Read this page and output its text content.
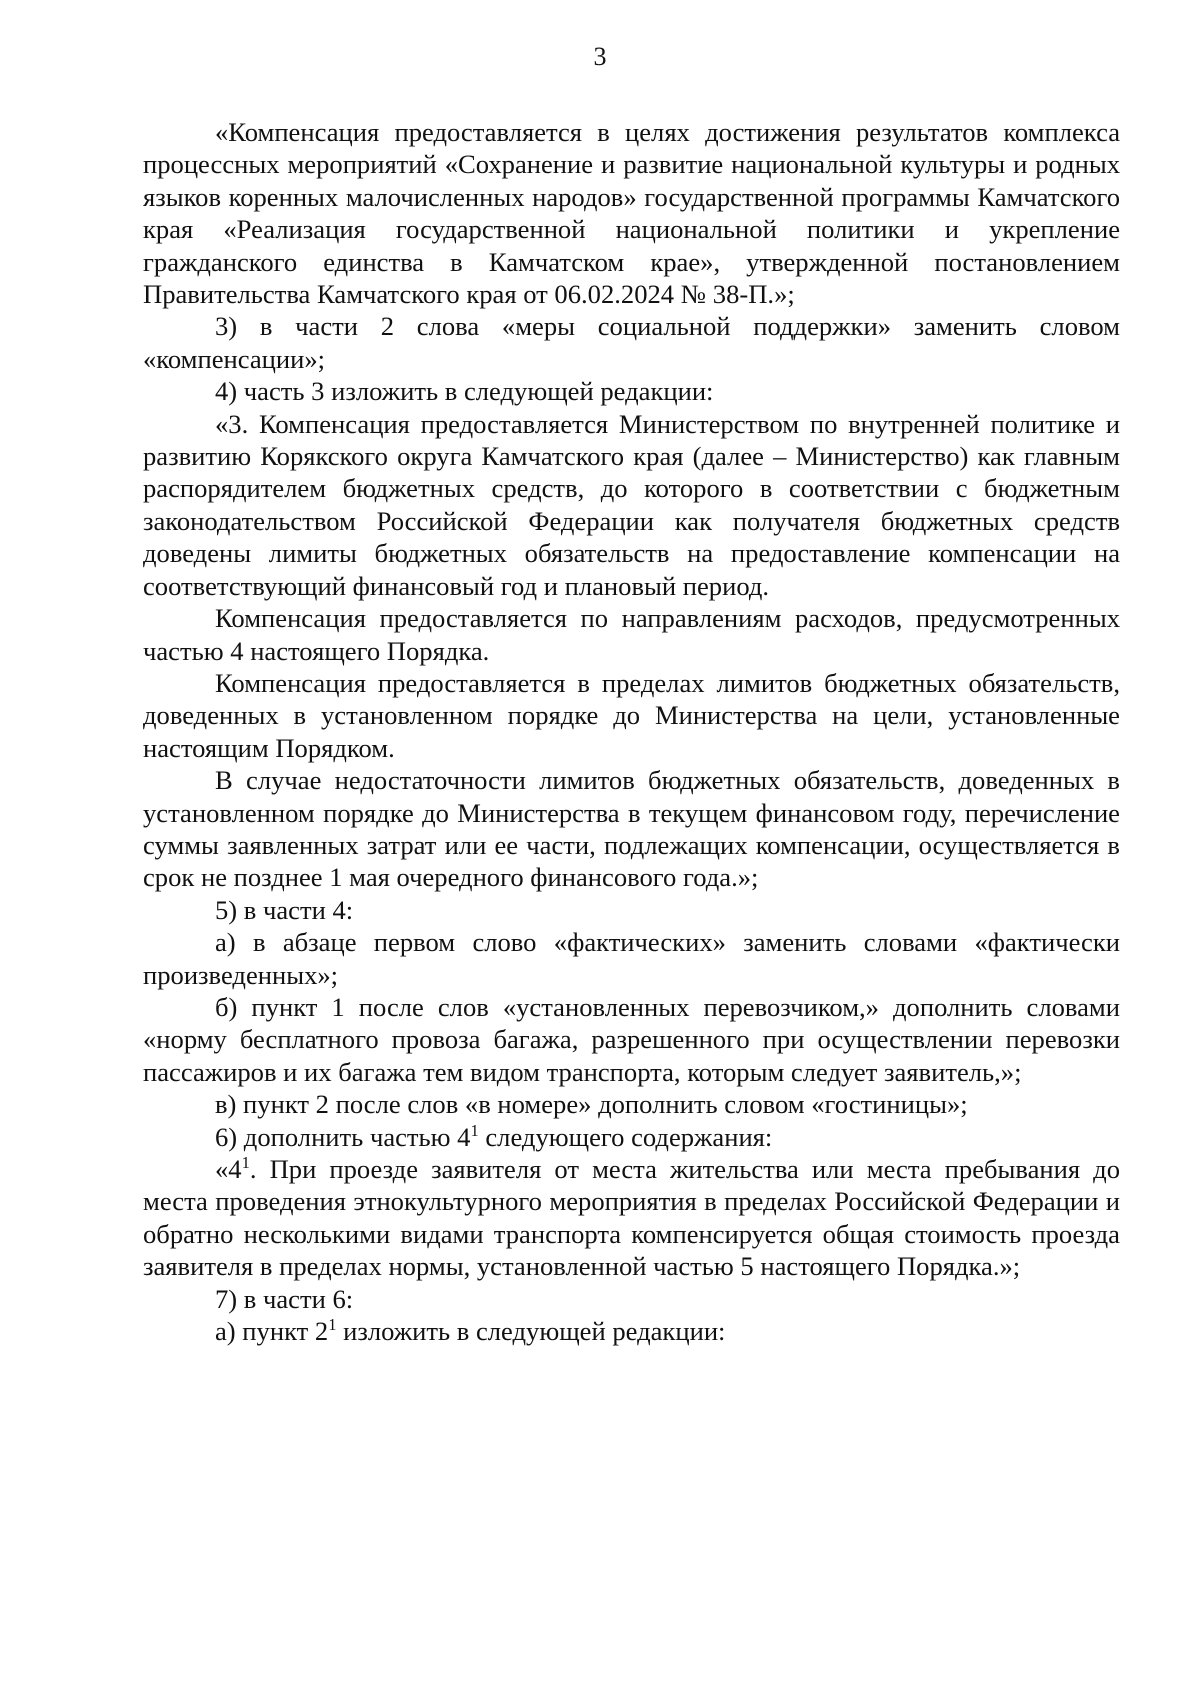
3

«Компенсация предоставляется в целях достижения результатов комплекса процессных мероприятий «Сохранение и развитие национальной культуры и родных языков коренных малочисленных народов» государственной программы Камчатского края «Реализация государственной национальной политики и укрепление гражданского единства в Камчатском крае», утвержденной постановлением Правительства Камчатского края от 06.02.2024 № 38-П.»;

3) в части 2 слова «меры социальной поддержки» заменить словом «компенсации»;

4) часть 3 изложить в следующей редакции:

«3. Компенсация предоставляется Министерством по внутренней политике и развитию Корякского округа Камчатского края (далее – Министерство) как главным распорядителем бюджетных средств, до которого в соответствии с бюджетным законодательством Российской Федерации как получателя бюджетных средств доведены лимиты бюджетных обязательств на предоставление компенсации на соответствующий финансовый год и плановый период.

Компенсация предоставляется по направлениям расходов, предусмотренных частью 4 настоящего Порядка.

Компенсация предоставляется в пределах лимитов бюджетных обязательств, доведенных в установленном порядке до Министерства на цели, установленные настоящим Порядком.

В случае недостаточности лимитов бюджетных обязательств, доведенных в установленном порядке до Министерства в текущем финансовом году, перечисление суммы заявленных затрат или ее части, подлежащих компенсации, осуществляется в срок не позднее 1 мая очередного финансового года.»;

5) в части 4:

а) в абзаце первом слово «фактических» заменить словами «фактически произведенных»;

б) пункт 1 после слов «установленных перевозчиком,» дополнить словами «норму бесплатного провоза багажа, разрешенного при осуществлении перевозки пассажиров и их багажа тем видом транспорта, которым следует заявитель,»;

в) пункт 2 после слов «в номере» дополнить словом «гостиницы»;

6) дополнить частью $4^1$ следующего содержания:

«$4^1$. При проезде заявителя от места жительства или места пребывания до места проведения этнокультурного мероприятия в пределах Российской Федерации и обратно несколькими видами транспорта компенсируется общая стоимость проезда заявителя в пределах нормы, установленной частью 5 настоящего Порядка.»;

7) в части 6:

а) пункт $2^1$ изложить в следующей редакции:
